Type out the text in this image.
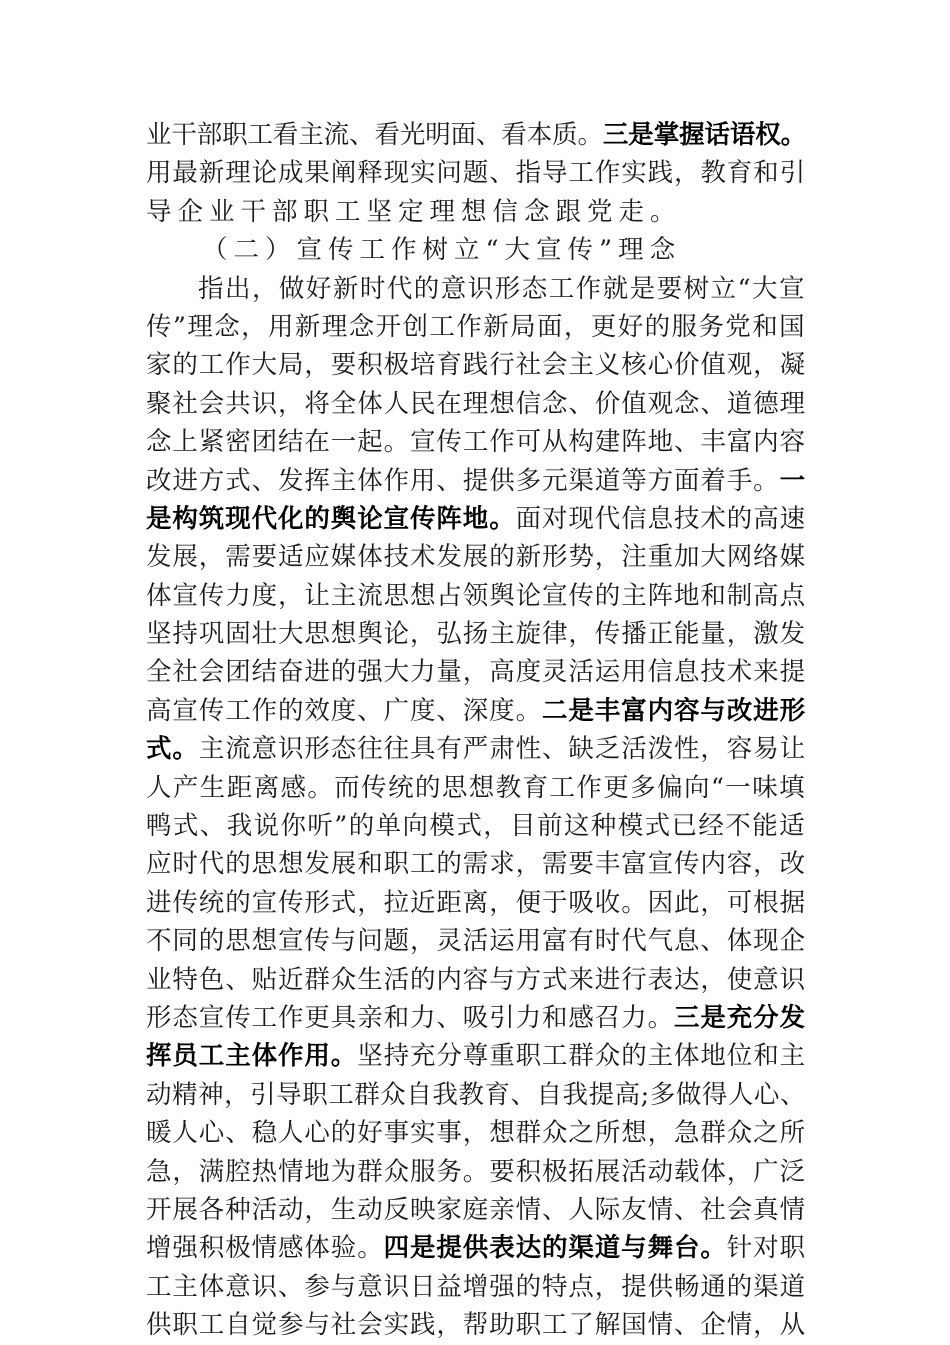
业干部职工看主流、看光明面、看本质。三是掌握话语权。
用最新理论成果阐释现实问题、指导工作实践，教育和引
导企业干部职工坚定理想信念跟党走。
（二）宣传工作树立“大宣传”理念
指出，做好新时代的意识形态工作就是要树立“大宣
传”理念，用新理念开创工作新局面，更好的服务党和国
家的工作大局，要积极培育践行社会主义核心价值观，凝
聚社会共识，将全体人民在理想信念、价值观念、道德理
念上紧密团结在一起。宣传工作可从构建阵地、丰富内容
改进方式、发挥主体作用、提供多元渠道等方面着手。一
是构筑现代化的舆论宣传阵地。面对现代信息技术的高速
发展，需要适应媒体技术发展的新形势，注重加大网络媒
体宣传力度，让主流思想占领舆论宣传的主阵地和制高点
坚持巩固壮大思想舆论，弘扬主旋律，传播正能量，激发
全社会团结奋进的强大力量，高度灵活运用信息技术来提
高宣传工作的效度、广度、深度。二是丰富内容与改进形
式。主流意识形态往往具有严肃性、缺乏活泼性，容易让
人产生距离感。而传统的思想教育工作更多偏向“一味填
鸭式、我说你听”的单向模式，目前这种模式已经不能适
应时代的思想发展和职工的需求，需要丰富宣传内容，改
进传统的宣传形式，拉近距离，便于吸收。因此，可根据
不同的思想宣传与问题，灵活运用富有时代气息、体现企
业特色、贴近群众生活的内容与方式来进行表达，使意识
形态宣传工作更具亲和力、吸引力和感召力。三是充分发
挥员工主体作用。坚持充分尊重职工群众的主体地位和主
动精神，引导职工群众自我教育、自我提高;多做得人心、
暖人心、稳人心的好事实事，想群众之所想，急群众之所
急，满腔热情地为群众服务。要积极拓展活动载体，广泛
开展各种活动，生动反映家庭亲情、人际友情、社会真情
增强积极情感体验。四是提供表达的渠道与舞台。针对职
工主体意识、参与意识日益增强的特点，提供畅通的渠道
供职工自觉参与社会实践，帮助职工了解国情、企情，从
